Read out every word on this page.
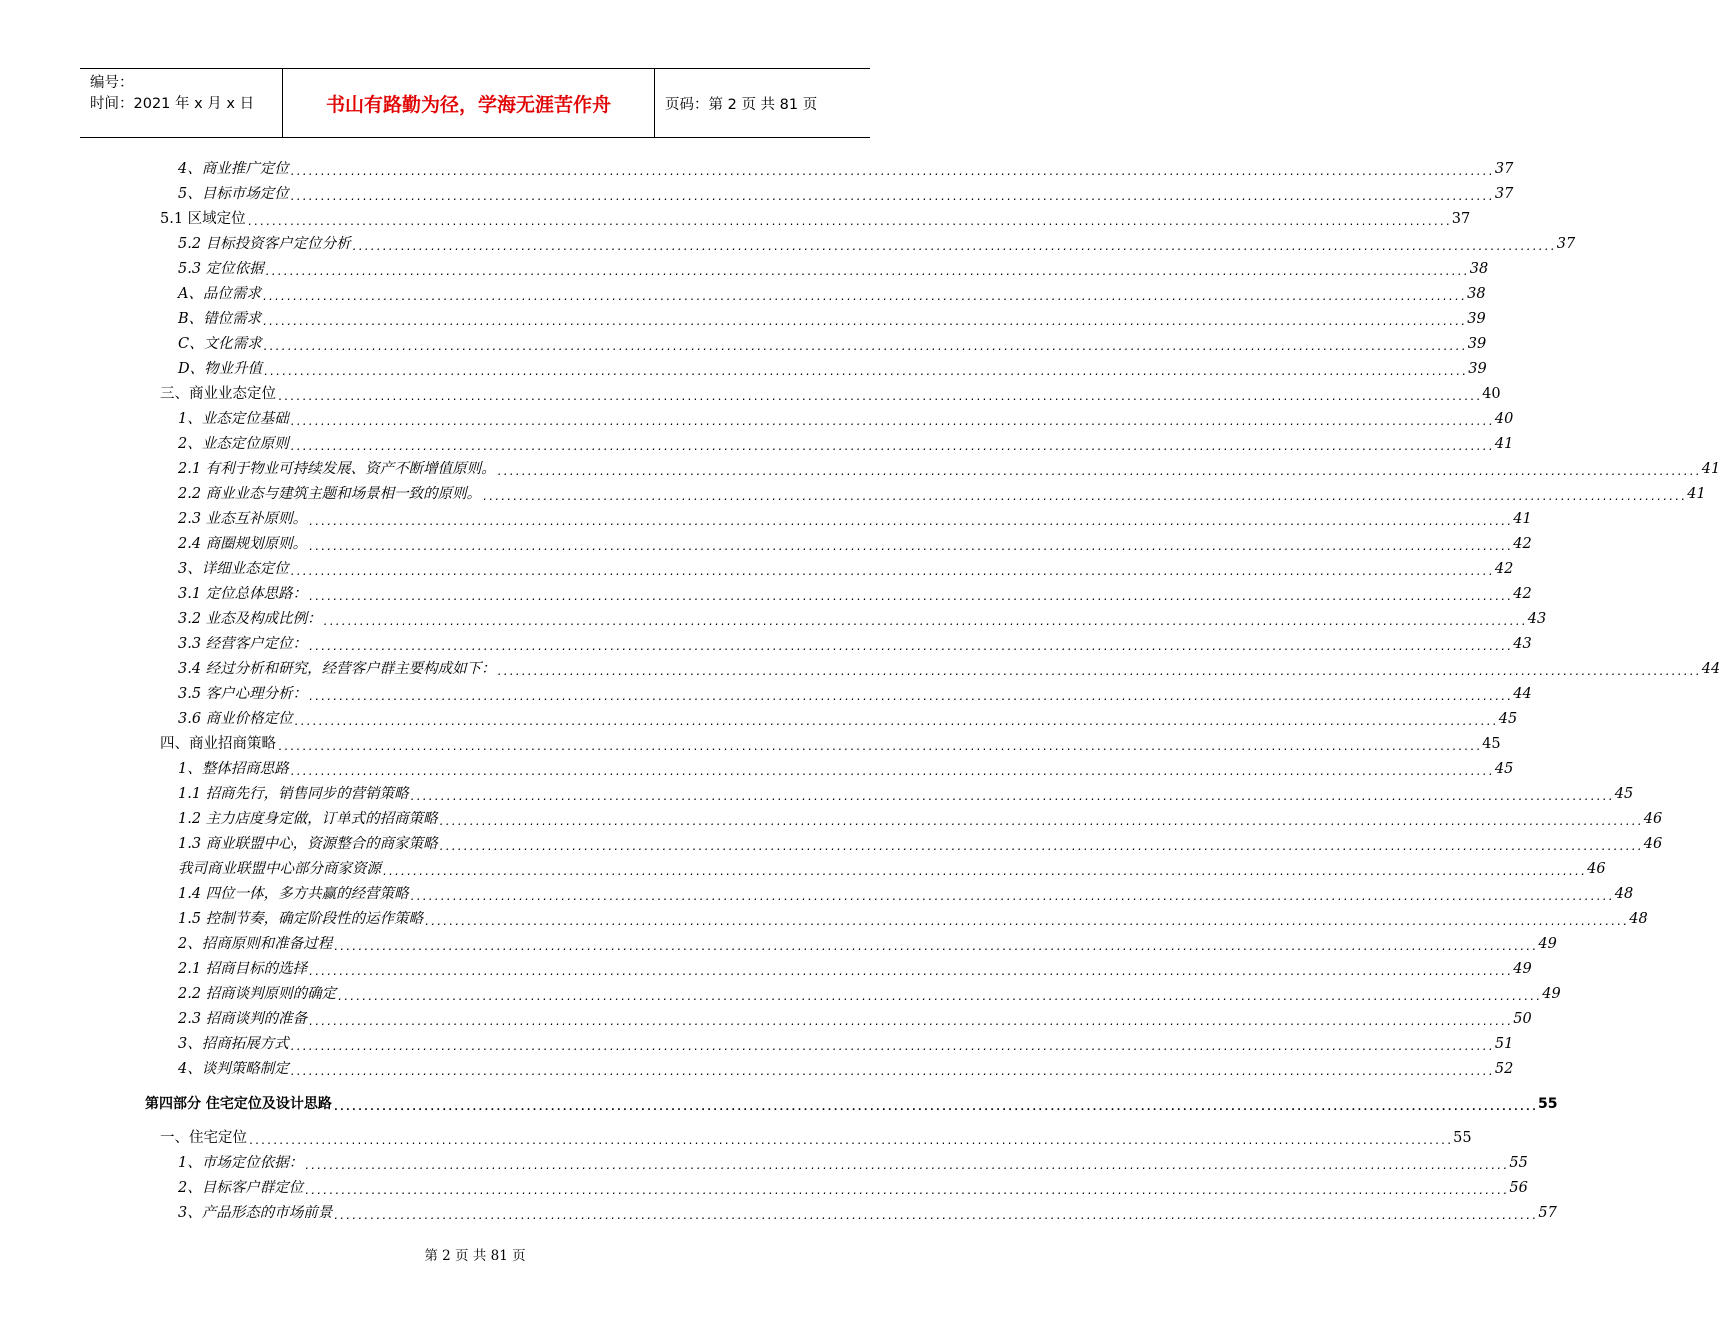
编号：
时间：2021 年 x 月 x 日	书山有路勤为径，学海无涯苦作舟	页码：第 2 页 共 81 页
4、商业推广定位 ........................................................................................................................................................................................................ 37
5、目标市场定位 ........................................................................................................................................................................................................ 37
5.1 区域定位 ........................................................................................................................................................................................................ 37
5.2 目标投资客户定位分析 ........................................................................................................................................................................................................ 37
5.3 定位依据 ........................................................................................................................................................................................................ 38
A、品位需求 ........................................................................................................................................................................................................ 38
B、错位需求 ........................................................................................................................................................................................................ 39
C、文化需求 ........................................................................................................................................................................................................ 39
D、物业升值 ........................................................................................................................................................................................................ 39
三、商业业态定位 ........................................................................................................................................................................................................ 40
1、业态定位基础 ........................................................................................................................................................................................................ 40
2、业态定位原则 ........................................................................................................................................................................................................ 41
2.1 有利于物业可持续发展、资产不断增值原则。 ........................................................................................................................................................................................................ 41
2.2 商业业态与建筑主题和场景相一致的原则。 ........................................................................................................................................................................................................ 41
2.3 业态互补原则。 ........................................................................................................................................................................................................ 41
2.4 商圈规划原则。 ........................................................................................................................................................................................................ 42
3、详细业态定位 ........................................................................................................................................................................................................ 42
3.1 定位总体思路： ........................................................................................................................................................................................................ 42
3.2 业态及构成比例： ........................................................................................................................................................................................................ 43
3.3 经营客户定位： ........................................................................................................................................................................................................ 43
3.4 经过分析和研究，经营客户群主要构成如下： ........................................................................................................................................................................................................ 44
3.5 客户心理分析： ........................................................................................................................................................................................................ 44
3.6 商业价格定位 ........................................................................................................................................................................................................ 45
四、商业招商策略 ........................................................................................................................................................................................................ 45
1、整体招商思路 ........................................................................................................................................................................................................ 45
1.1 招商先行，销售同步的营销策略 ........................................................................................................................................................................................................ 45
1.2 主力店度身定做，订单式的招商策略 ........................................................................................................................................................................................................ 46
1.3 商业联盟中心，资源整合的商家策略 ........................................................................................................................................................................................................ 46
我司商业联盟中心部分商家资源 ........................................................................................................................................................................................................ 46
1.4 四位一体，多方共赢的经营策略 ........................................................................................................................................................................................................ 48
1.5 控制节奏，确定阶段性的运作策略 ........................................................................................................................................................................................................ 48
2、招商原则和准备过程 ........................................................................................................................................................................................................ 49
2.1 招商目标的选择 ........................................................................................................................................................................................................ 49
2.2 招商谈判原则的确定 ........................................................................................................................................................................................................ 49
2.3 招商谈判的准备 ........................................................................................................................................................................................................ 50
3、招商拓展方式 ........................................................................................................................................................................................................ 51
4、谈判策略制定 ........................................................................................................................................................................................................ 52
第四部分 住宅定位及设计思路 ........................................................................................................................................................................................................ 55
一、住宅定位 ........................................................................................................................................................................................................ 55
1、市场定位依据： ........................................................................................................................................................................................................ 55
2、目标客户群定位 ........................................................................................................................................................................................................ 56
3、产品形态的市场前景 ........................................................................................................................................................................................................ 57
第 2 页 共 81 页
